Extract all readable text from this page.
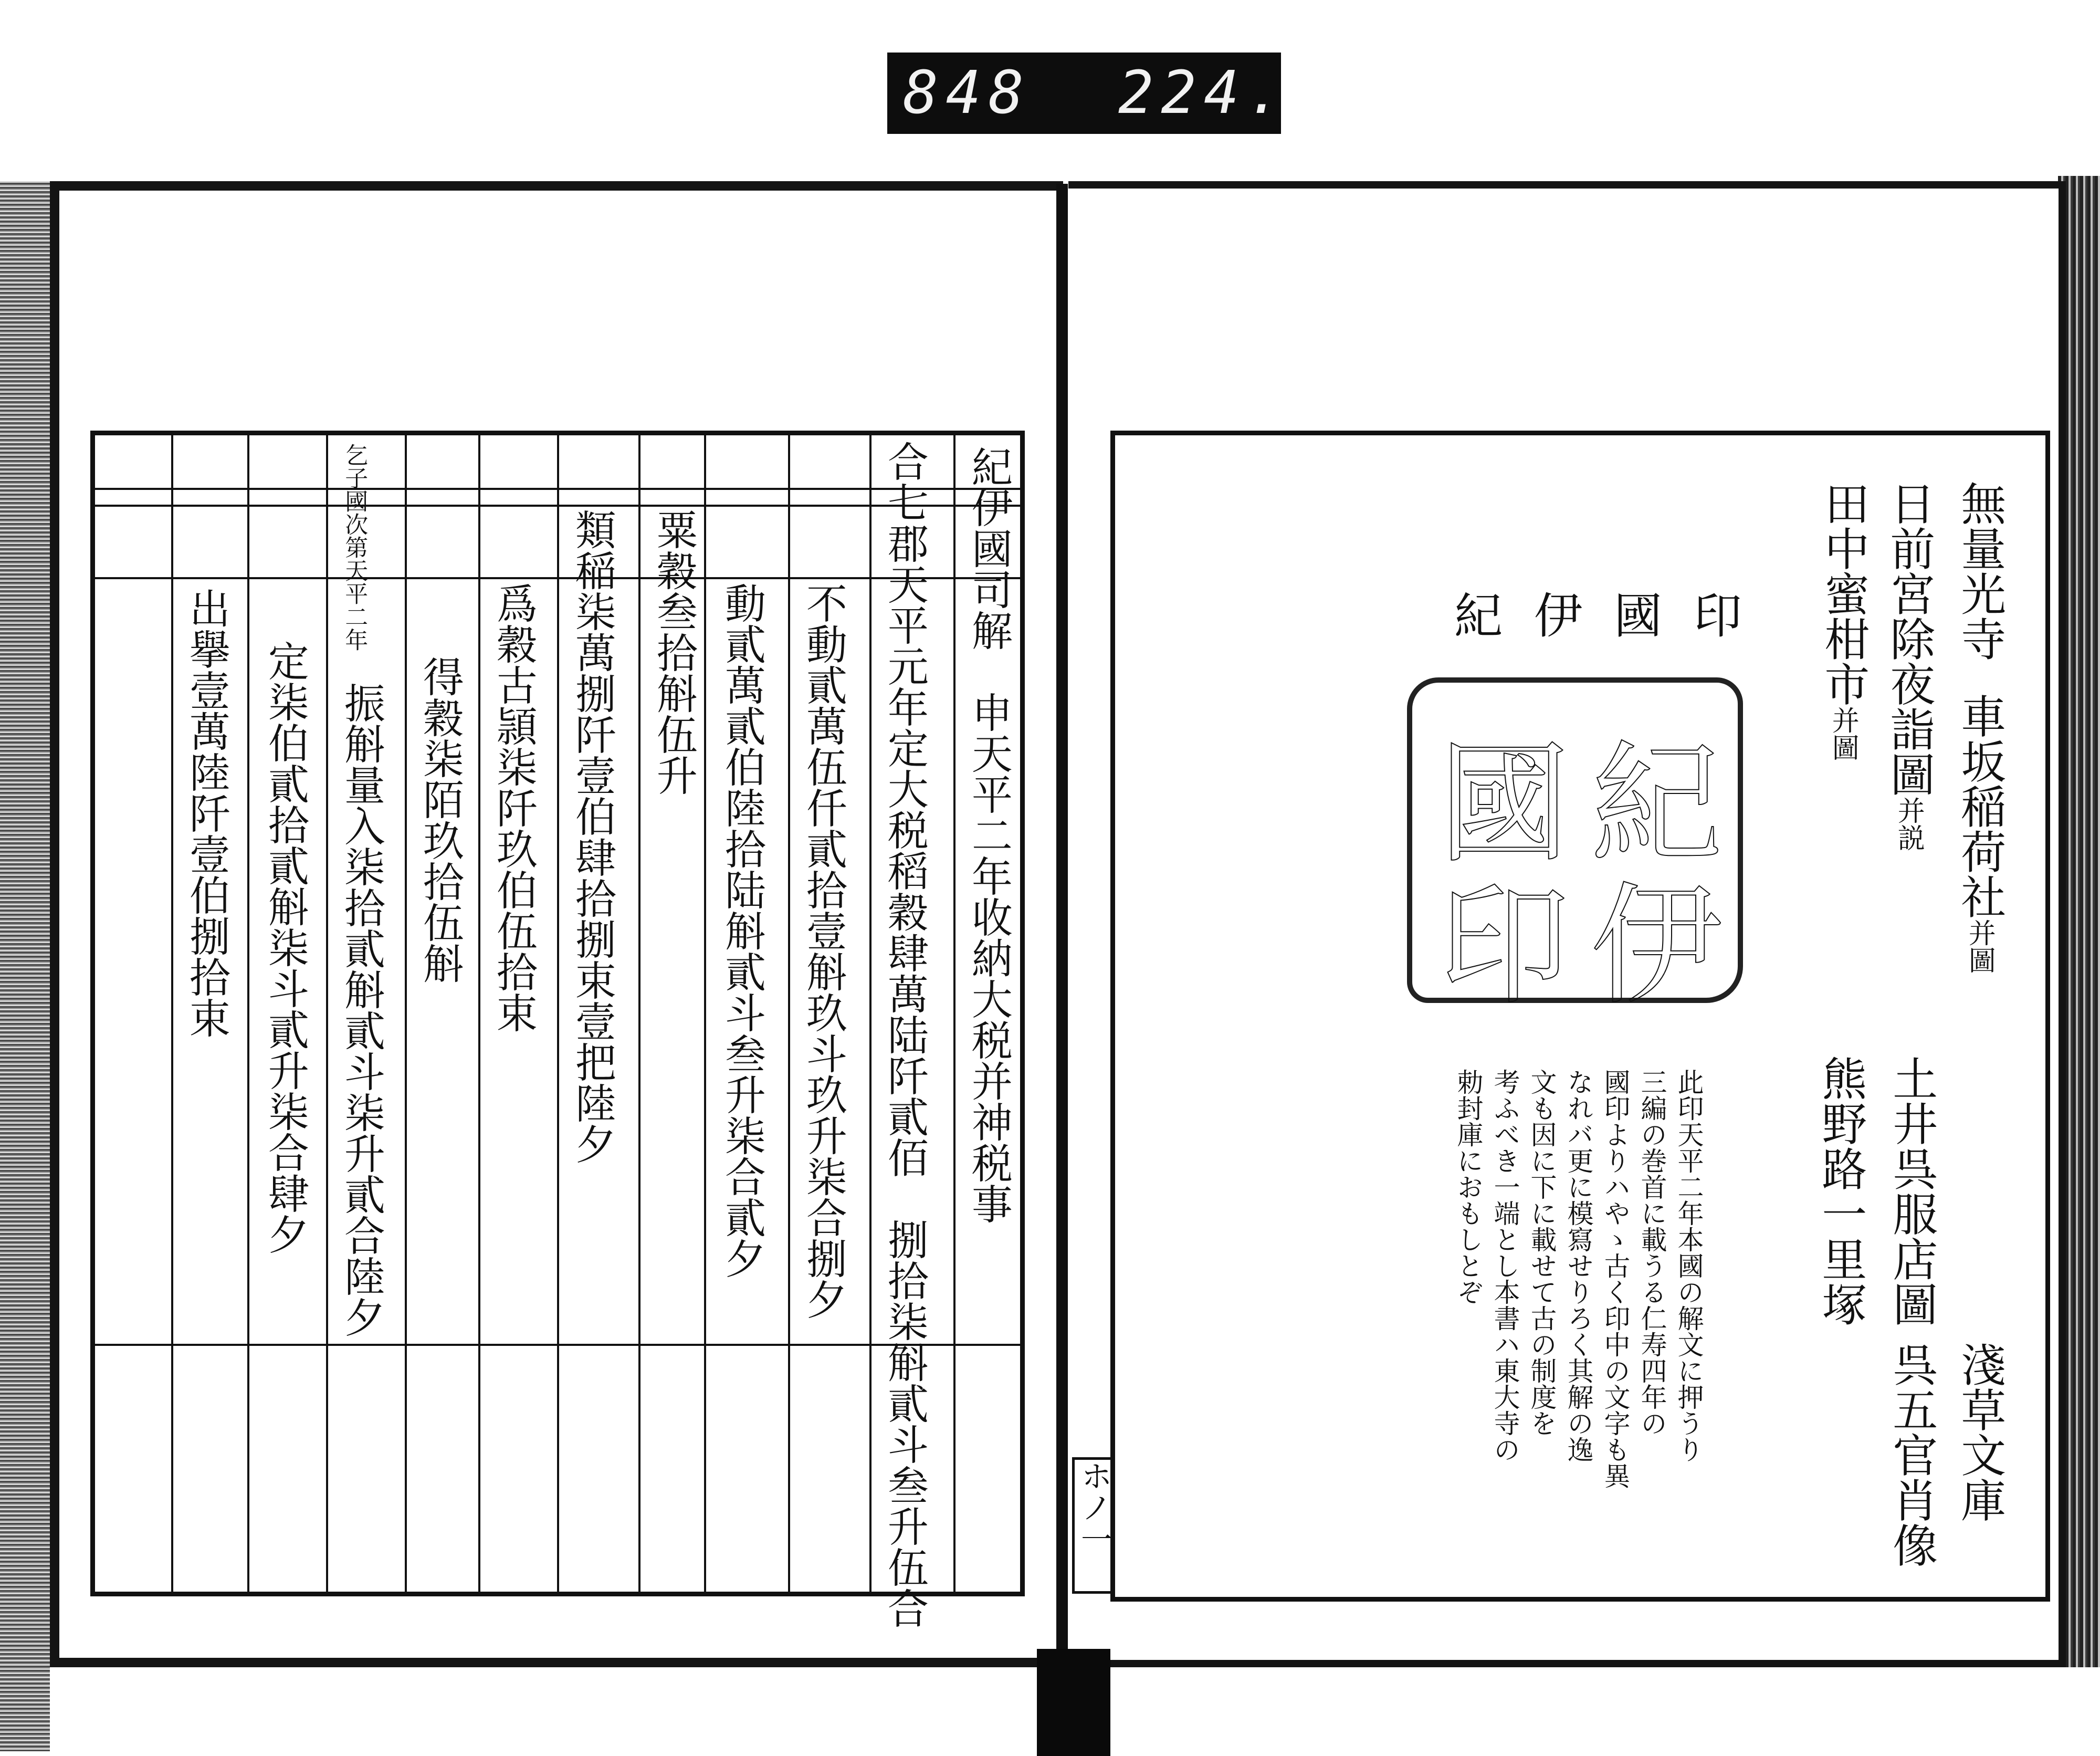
848 224.
紀伊國司解　申天平二年收納大税并神税事
合七郡天平元年定大税稻穀肆萬陆阡貳佰　捌拾柒斛貳斗叁升伍合
不動貳萬伍仟貳拾壹斛玖斗玖升柒合捌夕
動貳萬貳伯陸拾陆斛貳斗叁升柒合貳夕
粟穀叁拾斛伍升
類稲柒萬捌阡壹伯肆拾捌束壹把陸夕
爲穀古頴柒阡玖伯伍拾束
得穀柒陌玖拾伍斛
乞子國次第天平二年
振斛量入柒拾貳斛貳斗柒升貳合陸夕
定柒伯貳拾貳斛柒斗貳升柒合肆夕
出擧壹萬陸阡壹伯捌拾束
無量光寺
車坂稲荷社并圖
日前宮除夜詣圖并説
田中蜜柑市并圖
熊野路一里塚 土井呉服店圖
淺草文庫
呉五官肖像
紀伊國印
紀
伊
國
印
此印天平二年本國の解文に押うり
三編の巻首に載うる仁寿四年の
國印よりハやゝ古く印中の文字も異
なれバ更に模寫せりろく其解の逸
文も因に下に載せて古の制度を
考ふべき一端とし本書ハ東大寺の
勅封庫におもしとぞ
ホノ一
